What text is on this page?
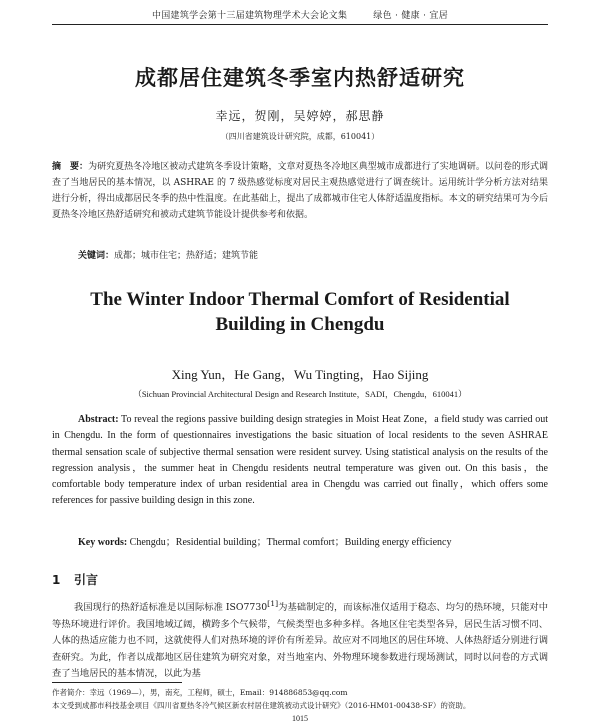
中国建筑学会第十三届建筑物理学术大会论文集	绿色 · 健康 · 宜居
成都居住建筑冬季室内热舒适研究
幸远，贺刚，吴婷婷，郝思静
（四川省建筑设计研究院，成都，610041）
摘　要：为研究夏热冬冷地区被动式建筑冬季设计策略，文章对夏热冬冷地区典型城市成都进行了实地调研。以问卷的形式调查了当地居民的基本情况，以 ASHRAE 的 7 级热感觉标度对居民主观热感觉进行了调查统计。运用统计学分析方法对结果进行分析，得出成都居民冬季的热中性温度。在此基础上，提出了成都城市住宅人体舒适温度指标。本文的研究结果可为今后夏热冬冷地区热舒适研究和被动式建筑节能设计提供参考和依据。
关键词：成都；城市住宅；热舒适；建筑节能
The Winter Indoor Thermal Comfort of Residential
Building in Chengdu
Xing Yun，He Gang，Wu Tingting，Hao Sijing
（Sichuan Provincial Architectural Design and Research Institute，SADI，Chengdu，610041）
Abstract: To reveal the regions passive building design strategies in Moist Heat Zone，a field study was carried out in Chengdu. In the form of questionnaires investigations the basic situation of local residents to the seven ASHRAE thermal sensation scale of subjective thermal sensation were resident survey. Using statistical analysis on the results of the regression analysis，the summer heat in Chengdu residents neutral temperature was given out. On this basis，the comfortable body temperature index of urban residential area in Chengdu was carried out finally，which offers some references for passive building design in this zone.
Key words: Chengdu；Residential building；Thermal comfort；Building energy efficiency
1 引言
我国现行的热舒适标准是以国际标准 ISO7730[1]为基础制定的，而该标准仅适用于稳态、均匀的热环境，只能对中等热环境进行评价。我国地域辽阔，横跨多个气候带，气候类型也多种多样。各地区住宅类型各异，居民生活习惯不同、人体的热适应能力也不同，这就使得人们对热环境的评价有所差异。故应对不同地区的居住环境、人体热舒适分别进行调查研究。为此，作者以成都地区居住建筑为研究对象，对当地室内、外物理环境参数进行现场测试，同时以问卷的方式调查了当地居民的基本情况，以此为基
作者简介：幸远（1969—），男，南充，工程师，硕士，Email：914886853@qq.com
本文受到成都市科技基金项目《四川省夏热冬冷气候区新农村居住建筑被动式设计研究》（2016-HM01-00438-SF）的资助。
1015
